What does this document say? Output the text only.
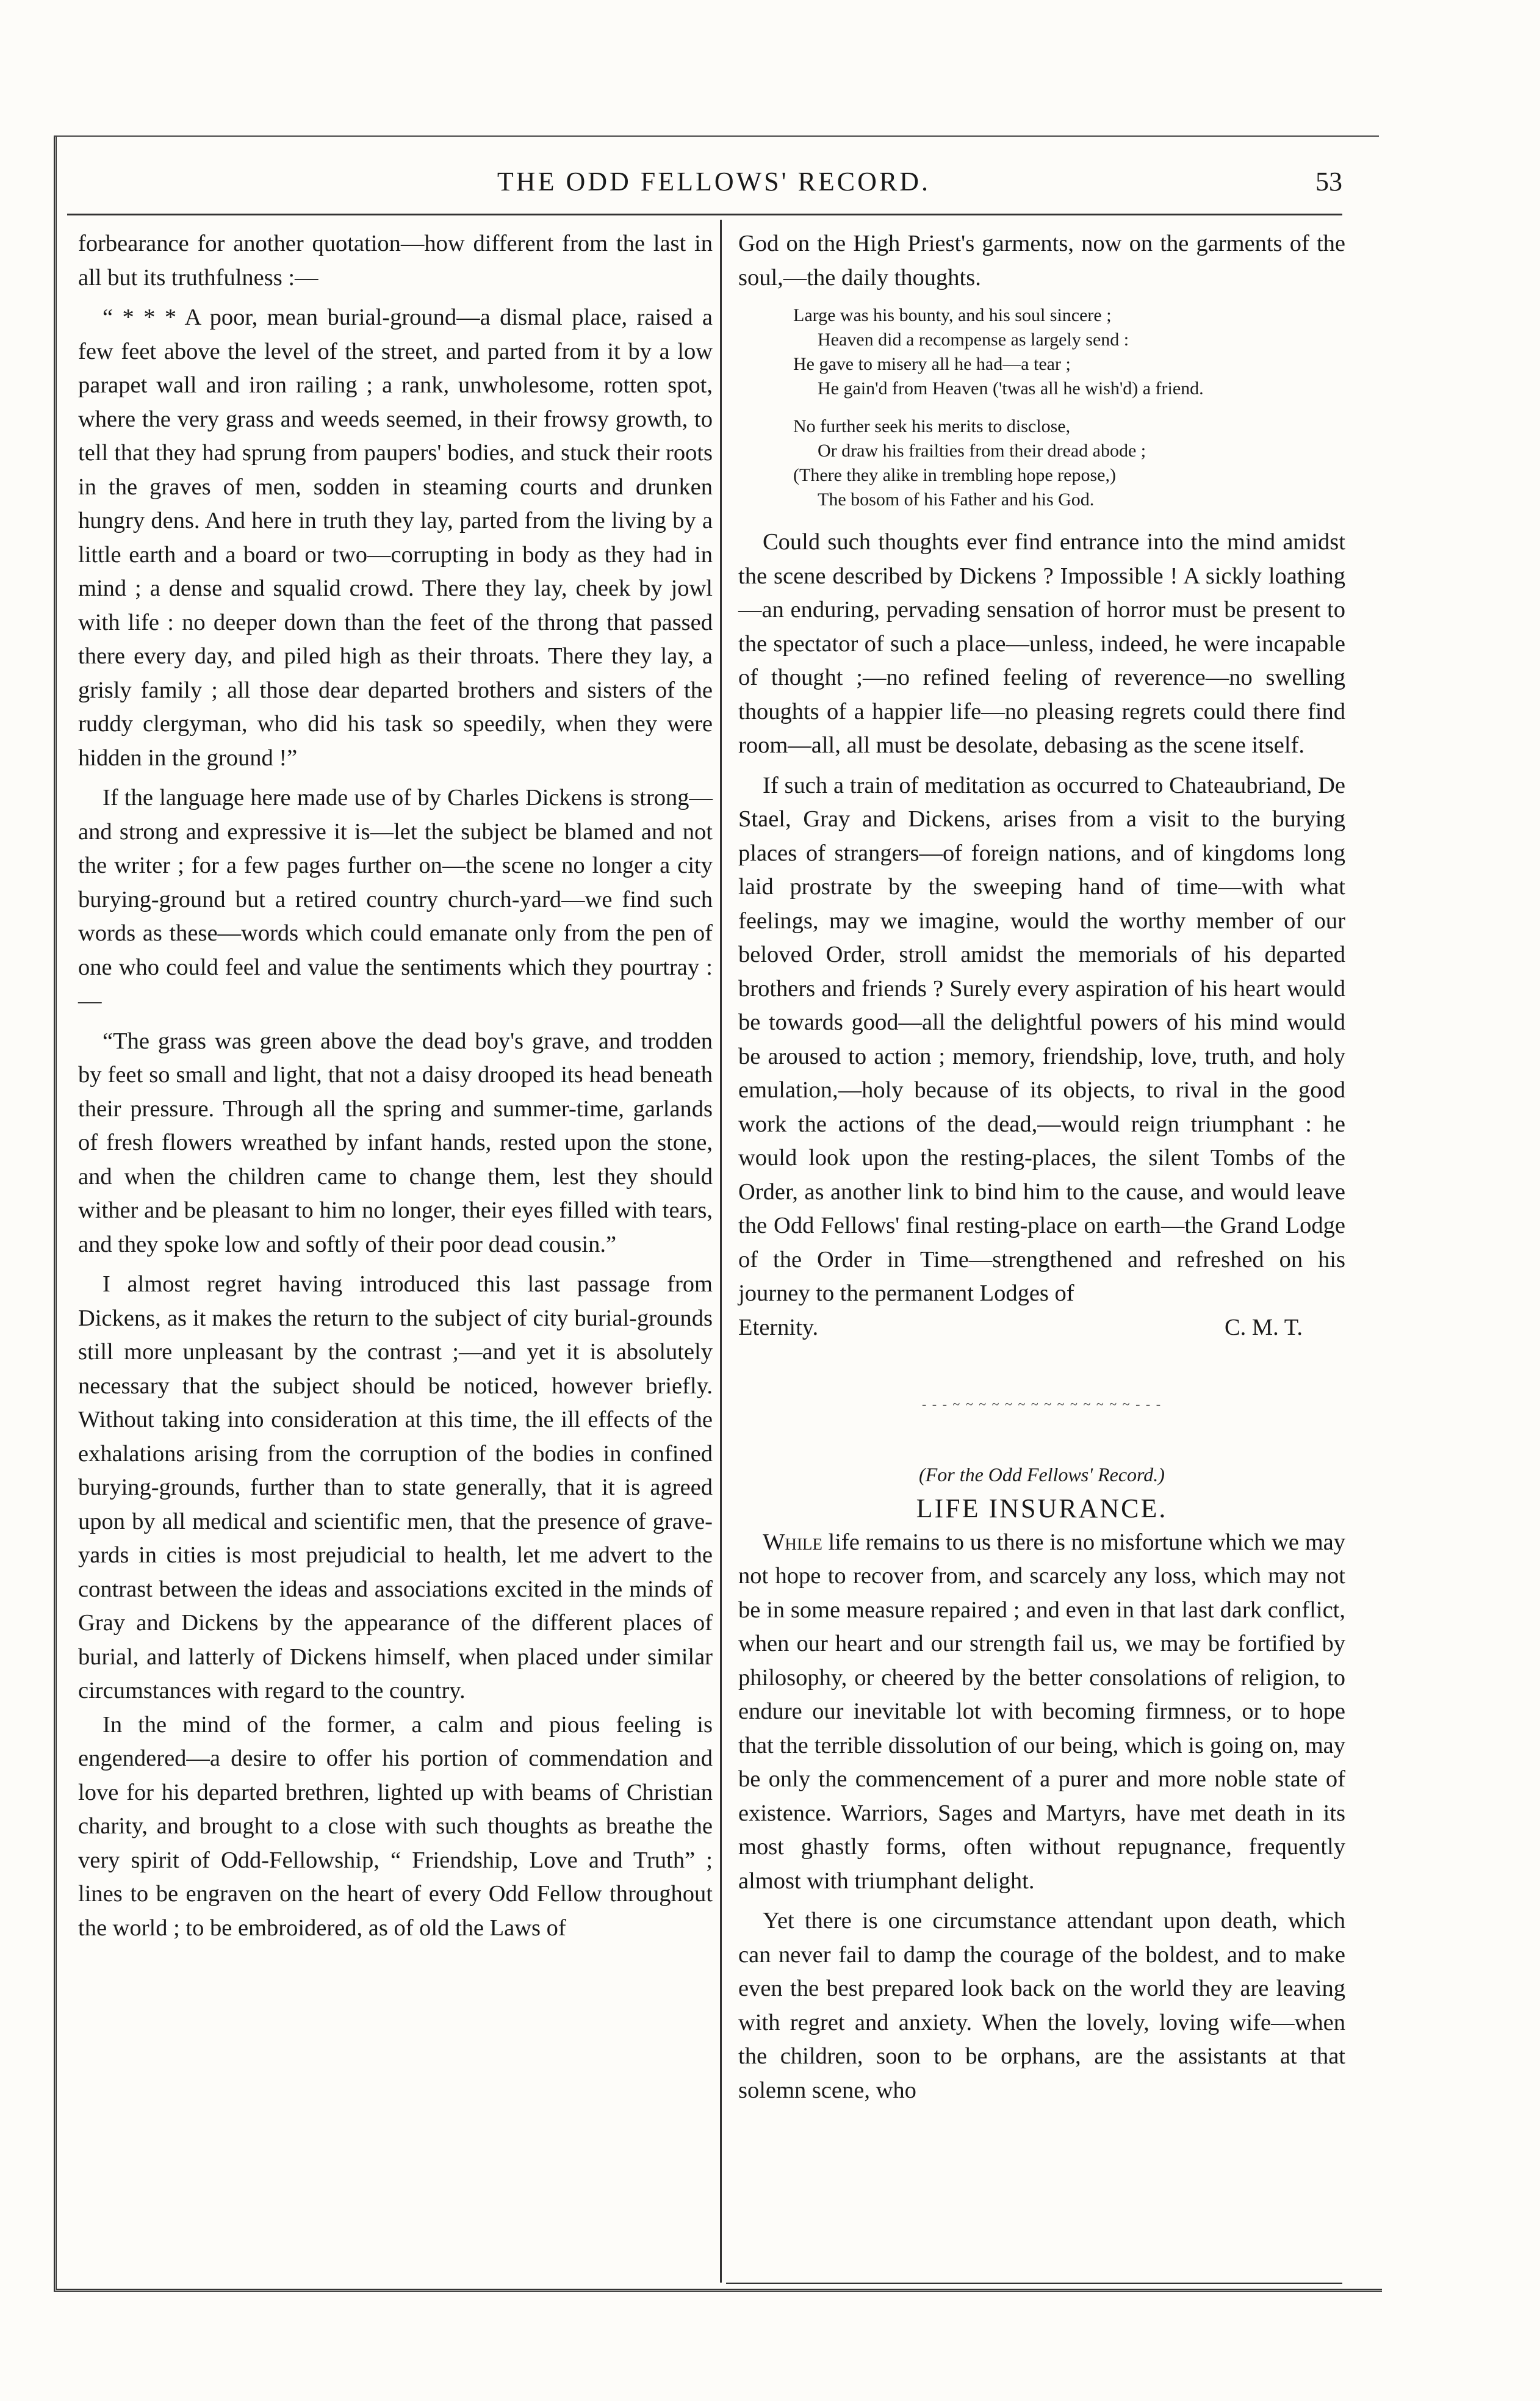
THE ODD FELLOWS' RECORD.	53

forbearance for another quotation—how different from the last in all but its truthfulness :—

“ * * * A poor, mean burial-ground—a dismal place, raised a few feet above the level of the street, and parted from it by a low parapet wall and iron railing ; a rank, unwholesome, rotten spot, where the very grass and weeds seemed, in their frowsy growth, to tell that they had sprung from paupers' bodies, and stuck their roots in the graves of men, sodden in steaming courts and drunken hungry dens. And here in truth they lay, parted from the living by a little earth and a board or two—corrupting in body as they had in mind ; a dense and squalid crowd. There they lay, cheek by jowl with life : no deeper down than the feet of the throng that passed there every day, and piled high as their throats. There they lay, a grisly family ; all those dear departed brothers and sisters of the ruddy clergyman, who did his task so speedily, when they were hidden in the ground !”

If the language here made use of by Charles Dickens is strong—and strong and expressive it is—let the subject be blamed and not the writer ; for a few pages further on—the scene no longer a city burying-ground but a retired country church-yard—we find such words as these—words which could emanate only from the pen of one who could feel and value the sentiments which they pourtray :—

“The grass was green above the dead boy's grave, and trodden by feet so small and light, that not a daisy drooped its head beneath their pressure. Through all the spring and summer-time, garlands of fresh flowers wreathed by infant hands, rested upon the stone, and when the children came to change them, lest they should wither and be pleasant to him no longer, their eyes filled with tears, and they spoke low and softly of their poor dead cousin.”

I almost regret having introduced this last passage from Dickens, as it makes the return to the subject of city burial-grounds still more unpleasant by the contrast ;—and yet it is absolutely necessary that the subject should be noticed, however briefly. Without taking into consideration at this time, the ill effects of the exhalations arising from the corruption of the bodies in confined burying-grounds, further than to state generally, that it is agreed upon by all medical and scientific men, that the presence of grave-yards in cities is most prejudicial to health, let me advert to the contrast between the ideas and associations excited in the minds of Gray and Dickens by the appearance of the different places of burial, and latterly of Dickens himself, when placed under similar circumstances with regard to the country.

In the mind of the former, a calm and pious feeling is engendered—a desire to offer his portion of commendation and love for his departed brethren, lighted up with beams of Christian charity, and brought to a close with such thoughts as breathe the very spirit of Odd-Fellowship, “ Friendship, Love and Truth” ; lines to be engraven on the heart of every Odd Fellow throughout the world ; to be embroidered, as of old the Laws of

God on the High Priest's garments, now on the garments of the soul,—the daily thoughts.

Large was his bounty, and his soul sincere ;
Heaven did a recompense as largely send :
He gave to misery all he had—a tear ;
He gain'd from Heaven ('twas all he wish'd) a friend.
No further seek his merits to disclose,
Or draw his frailties from their dread abode ;
(There they alike in trembling hope repose,)
The bosom of his Father and his God.

Could such thoughts ever find entrance into the mind amidst the scene described by Dickens ? Impossible ! A sickly loathing—an enduring, pervading sensation of horror must be present to the spectator of such a place—unless, indeed, he were incapable of thought ;—no refined feeling of reverence—no swelling thoughts of a happier life—no pleasing regrets could there find room—all, all must be desolate, debasing as the scene itself.

If such a train of meditation as occurred to Chateaubriand, De Stael, Gray and Dickens, arises from a visit to the burying places of strangers—of foreign nations, and of kingdoms long laid prostrate by the sweeping hand of time—with what feelings, may we imagine, would the worthy member of our beloved Order, stroll amidst the memorials of his departed brothers and friends ? Surely every aspiration of his heart would be towards good—all the delightful powers of his mind would be aroused to action ; memory, friendship, love, truth, and holy emulation,—holy because of its objects, to rival in the good work the actions of the dead,—would reign triumphant : he would look upon the resting-places, the silent Tombs of the Order, as another link to bind him to the cause, and would leave the Odd Fellows' final resting-place on earth—the Grand Lodge of the Order in Time—strengthened and refreshed on his journey to the permanent Lodges of

Eternity.	C. M. T.
- - - ~ ~ ~ ~ ~ ~ ~ ~ ~ ~ ~ ~ ~ ~ - - -

(For the Odd Fellows' Record.)

LIFE INSURANCE.

While life remains to us there is no misfortune which we may not hope to recover from, and scarcely any loss, which may not be in some measure repaired ; and even in that last dark conflict, when our heart and our strength fail us, we may be fortified by philosophy, or cheered by the better consolations of religion, to endure our inevitable lot with becoming firmness, or to hope that the terrible dissolution of our being, which is going on, may be only the commencement of a purer and more noble state of existence. Warriors, Sages and Martyrs, have met death in its most ghastly forms, often without repugnance, frequently almost with triumphant delight.

Yet there is one circumstance attendant upon death, which can never fail to damp the courage of the boldest, and to make even the best prepared look back on the world they are leaving with regret and anxiety. When the lovely, loving wife—when the children, soon to be orphans, are the assistants at that solemn scene, who
